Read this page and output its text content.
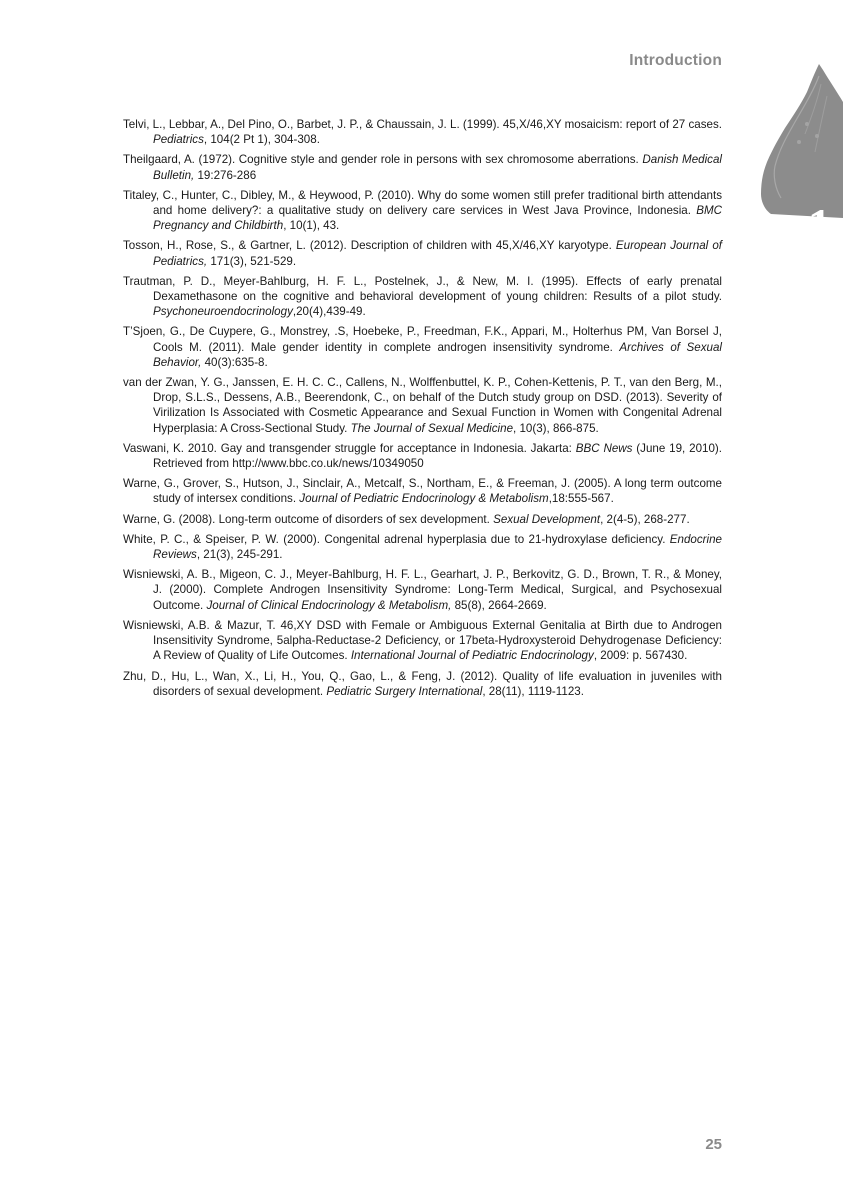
Introduction
1
Telvi, L., Lebbar, A., Del Pino, O., Barbet, J. P., & Chaussain, J. L. (1999). 45,X/46,XY mosaicism: report of 27 cases. Pediatrics, 104(2 Pt 1), 304-308.
Theilgaard, A. (1972). Cognitive style and gender role in persons with sex chromosome aberrations. Danish Medical Bulletin, 19:276-286
Titaley, C., Hunter, C., Dibley, M., & Heywood, P. (2010). Why do some women still prefer traditional birth attendants and home delivery?: a qualitative study on delivery care services in West Java Province, Indonesia. BMC Pregnancy and Childbirth, 10(1), 43.
Tosson, H., Rose, S., & Gartner, L. (2012). Description of children with 45,X/46,XY karyotype. European Journal of Pediatrics, 171(3), 521-529.
Trautman, P. D., Meyer-Bahlburg, H. F. L., Postelnek, J., & New, M. I. (1995). Effects of early prenatal Dexamethasone on the cognitive and behavioral development of young children: Results of a pilot study. Psychoneuroendocrinology,20(4),439-49.
T’Sjoen, G., De Cuypere, G., Monstrey, .S, Hoebeke, P., Freedman, F.K., Appari, M., Holterhus PM, Van Borsel J, Cools M. (2011). Male gender identity in complete androgen insensitivity syndrome. Archives of Sexual Behavior, 40(3):635-8.
van der Zwan, Y. G., Janssen, E. H. C. C., Callens, N., Wolffenbuttel, K. P., Cohen-Kettenis, P. T., van den Berg, M., Drop, S.L.S., Dessens, A.B., Beerendonk, C., on behalf of the Dutch study group on DSD. (2013). Severity of Virilization Is Associated with Cosmetic Appearance and Sexual Function in Women with Congenital Adrenal Hyperplasia: A Cross-Sectional Study. The Journal of Sexual Medicine, 10(3), 866-875.
Vaswani, K. 2010. Gay and transgender struggle for acceptance in Indonesia. Jakarta: BBC News (June 19, 2010). Retrieved from http://www.bbc.co.uk/news/10349050
Warne, G., Grover, S., Hutson, J., Sinclair, A., Metcalf, S., Northam, E., & Freeman, J. (2005). A long term outcome study of intersex conditions. Journal of Pediatric Endocrinology & Metabolism,18:555-567.
Warne, G. (2008). Long-term outcome of disorders of sex development. Sexual Development, 2(4-5), 268-277.
White, P. C., & Speiser, P. W. (2000). Congenital adrenal hyperplasia due to 21-hydroxylase deficiency. Endocrine Reviews, 21(3), 245-291.
Wisniewski, A. B., Migeon, C. J., Meyer-Bahlburg, H. F. L., Gearhart, J. P., Berkovitz, G. D., Brown, T. R., & Money, J. (2000). Complete Androgen Insensitivity Syndrome: Long-Term Medical, Surgical, and Psychosexual Outcome. Journal of Clinical Endocrinology & Metabolism, 85(8), 2664-2669.
Wisniewski, A.B. & Mazur, T. 46,XY DSD with Female or Ambiguous External Genitalia at Birth due to Androgen Insensitivity Syndrome, 5alpha-Reductase-2 Deficiency, or 17beta-Hydroxysteroid Dehydrogenase Deficiency: A Review of Quality of Life Outcomes. International Journal of Pediatric Endocrinology, 2009: p. 567430.
Zhu, D., Hu, L., Wan, X., Li, H., You, Q., Gao, L., & Feng, J. (2012). Quality of life evaluation in juveniles with disorders of sexual development. Pediatric Surgery International, 28(11), 1119-1123.
25
